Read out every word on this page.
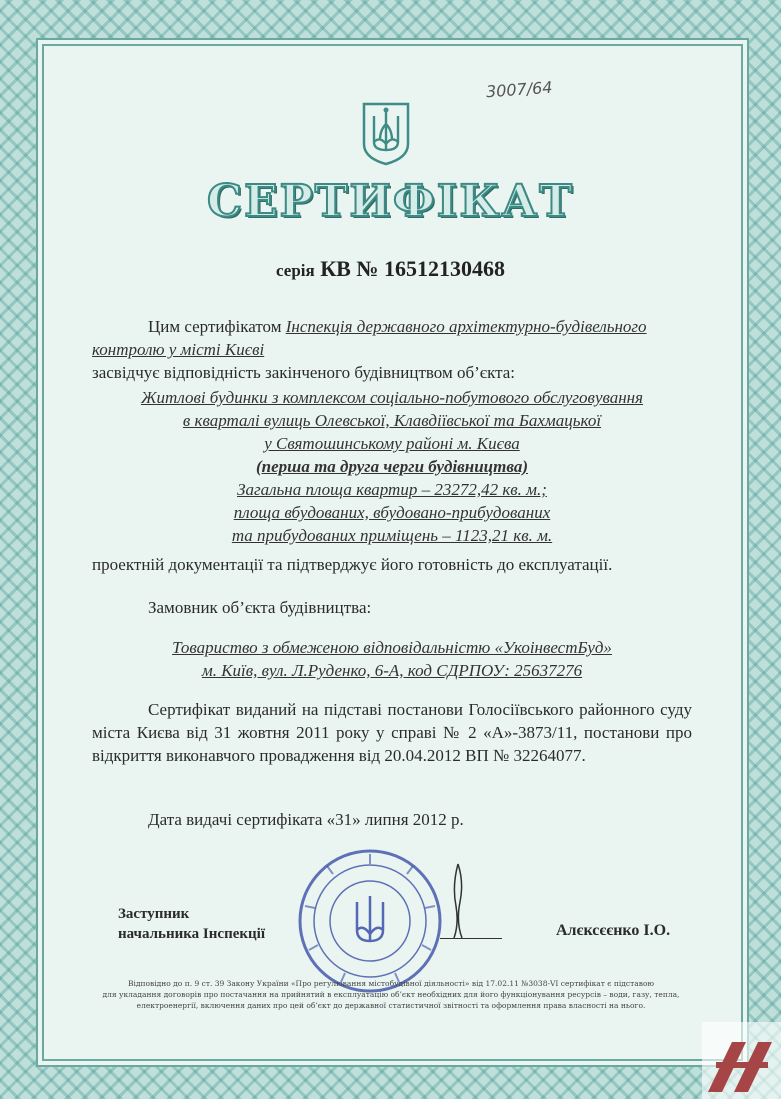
3007/64
СЕРТИФІКАТ
серія КВ № 16512130468
Цим сертифікатом Інспекція державного архітектурно-будівельного
контролю у місті Києві
засвідчує відповідність закінченого будівництвом об’єкта:
Житлові будинки з комплексом соціально-побутового обслуговування
в кварталі вулиць Олевської, Клавдіївської та Бахмацької
у Святошинському районі м. Києва
(перша та друга черги будівництва)
Загальна площа квартир – 23272,42 кв. м.;
площа вбудованих, вбудовано-прибудованих
та прибудованих приміщень – 1123,21 кв. м.
проектній документації та підтверджує його готовність до експлуатації.
Замовник об’єкта будівництва:
Товариство з обмеженою відповідальністю «УкоінвестБуд»
м. Київ, вул. Л.Руденко, 6-А, код СДРПОУ: 25637276
Сертифікат виданий на підставі постанови Голосіївського районного суду міста Києва від 31 жовтня 2011 року у справі № 2 «А»-3873/11, постанови про відкриття виконавчого провадження від 20.04.2012 ВП № 32264077.
Дата видачі сертифіката «31» липня 2012 р.
Заступник
начальника Інспекції	Алєксєєнко І.О.
Відповідно до п. 9 ст. 39 Закону України «Про регулювання містобудівної діяльності» від 17.02.11 №3038-VI сертифікат є підставою
для укладання договорів про постачання на прийнятий в експлуатацію об’єкт необхідних для його функціонування ресурсів – води, газу, тепла,
електроенергії, включення даних про цей об’єкт до державної статистичної звітності та оформлення права власності на нього.
